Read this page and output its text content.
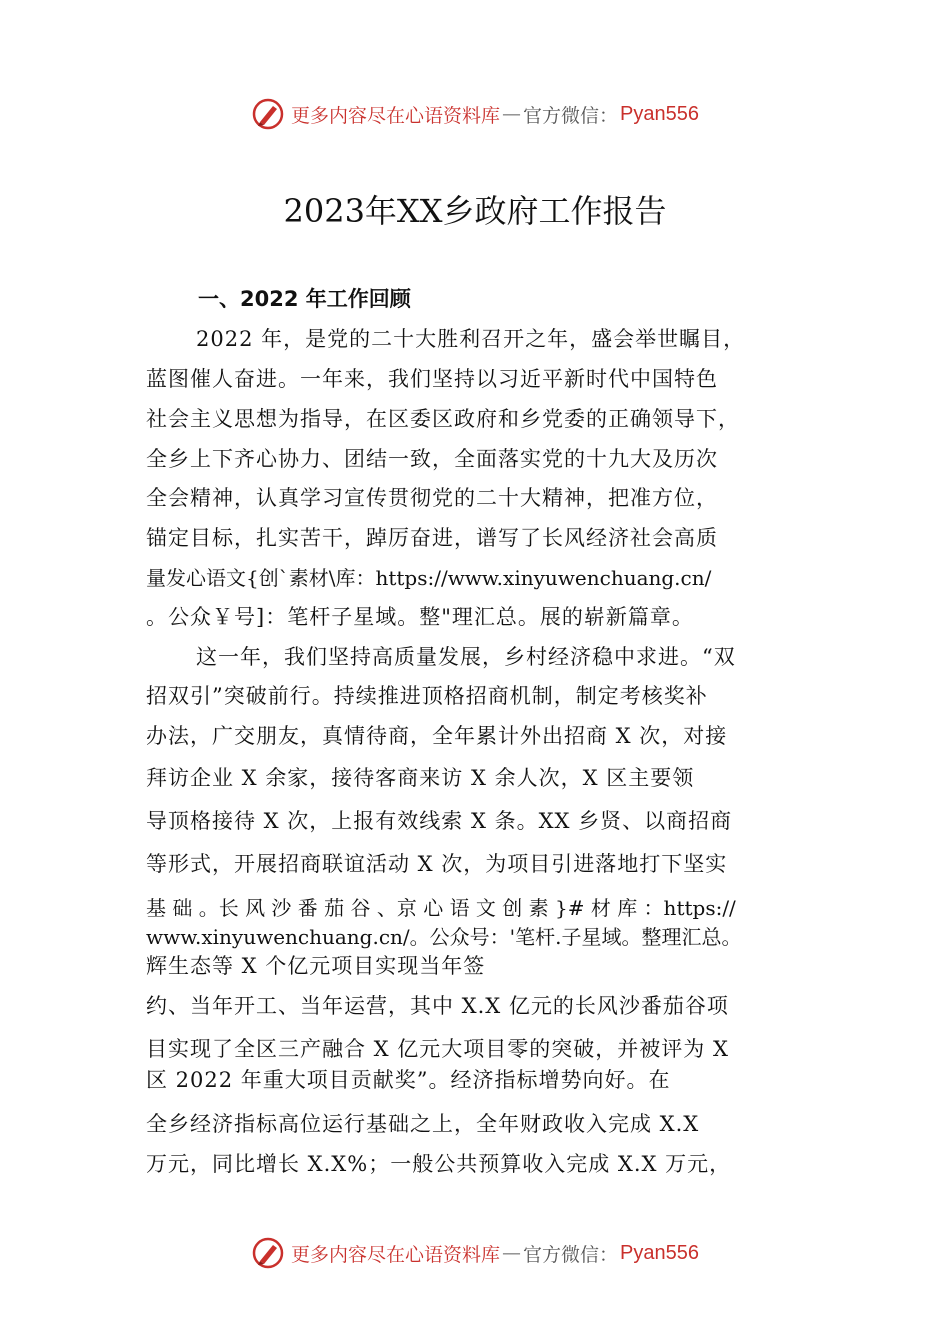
更多内容尽在心语资料库 — 官方微信： Pyan556
2023年XX乡政府工作报告
一、2022 年工作回顾
2022 年，是党的二十大胜利召开之年，盛会举世瞩目，
蓝图催人奋进。一年来，我们坚持以习近平新时代中国特色
社会主义思想为指导，在区委区政府和乡党委的正确领导下，
全乡上下齐心协力、团结一致，全面落实党的十九大及历次
全会精神，认真学习宣传贯彻党的二十大精神，把准方位，
锚定目标，扎实苦干，踔厉奋进，谱写了长风经济社会高质
量发心语文{创`素材\库：https://www.xinyuwenchuang.cn/
。公众￥号]：笔杆子星域。整"理汇总。展的崭新篇章。
这一年，我们坚持高质量发展，乡村经济稳中求进。“双
招双引”突破前行。持续推进顶格招商机制，制定考核奖补
办法，广交朋友，真情待商，全年累计外出招商 X 次，对接
拜访企业 X 余家，接待客商来访 X 余人次，X 区主要领
导顶格接待 X 次，上报有效线索 X 条。XX 乡贤、以商招商
等形式，开展招商联谊活动 X 次，为项目引进落地打下坚实
基 础 。长 风 沙 番 茄 谷 、京 心 语 文 创 素 }# 材 库 ：https://
www.xinyuwenchuang.cn/。公众号：'笔杆.子星域。整理汇总。
辉生态等 X 个亿元项目实现当年签
约、当年开工、当年运营，其中 X.X 亿元的长风沙番茄谷项
目实现了全区三产融合 X 亿元大项目零的突破，并被评为 X
区 2022 年重大项目贡献奖”。经济指标增势向好。在
全乡经济指标高位运行基础之上，全年财政收入完成 X.X
万元，同比增长 X.X%；一般公共预算收入完成 X.X 万元，
更多内容尽在心语资料库 — 官方微信： Pyan556
